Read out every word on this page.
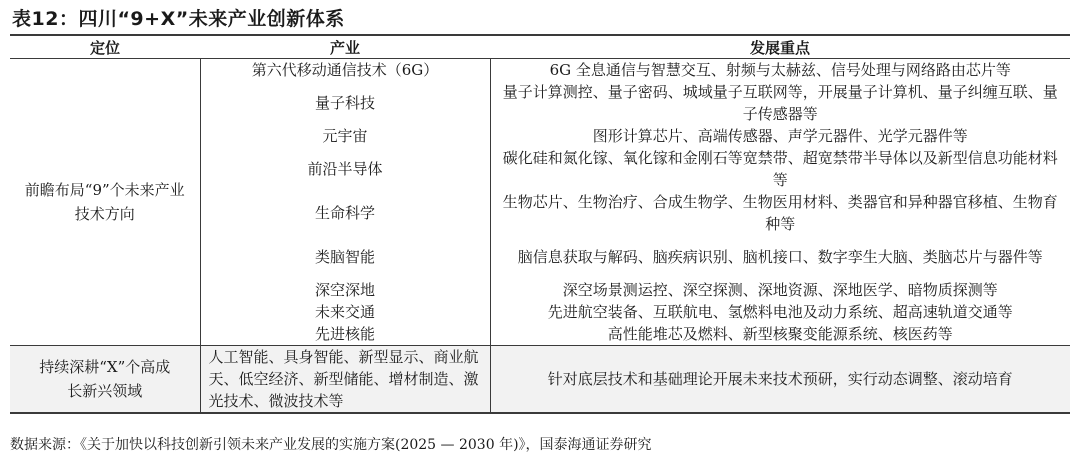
表12：四川“9+X”未来产业创新体系
定位	产业	发展重点
前瞻布局“9”个未来产业技术方向	第六代移动通信技术（6G）	6G 全息通信与智慧交互、射频与太赫兹、信号处理与网络路由芯片等
	量子科技	量子计算测控、量子密码、城域量子互联网等，开展量子计算机、量子纠缠互联、量子传感器等
	元宇宙	图形计算芯片、高端传感器、声学元器件、光学元器件等
	前沿半导体	碳化硅和氮化镓、氧化镓和金刚石等宽禁带、超宽禁带半导体以及新型信息功能材料等
	生命科学	生物芯片、生物治疗、合成生物学、生物医用材料、类器官和异种器官移植、生物育种等
	类脑智能	脑信息获取与解码、脑疾病识别、脑机接口、数字孪生大脑、类脑芯片与器件等
	深空深地	深空场景测运控、深空探测、深地资源、深地医学、暗物质探测等
	未来交通	先进航空装备、互联航电、氢燃料电池及动力系统、超高速轨道交通等
	先进核能	高性能堆芯及燃料、新型核聚变能源系统、核医药等
持续深耕“X”个高成长新兴领域	人工智能、具身智能、新型显示、商业航天、低空经济、新型储能、增材制造、激光技术、微波技术等	针对底层技术和基础理论开展未来技术预研，实行动态调整、滚动培育
数据来源：《关于加快以科技创新引领未来产业发展的实施方案(2025 — 2030 年)》，国泰海通证券研究
